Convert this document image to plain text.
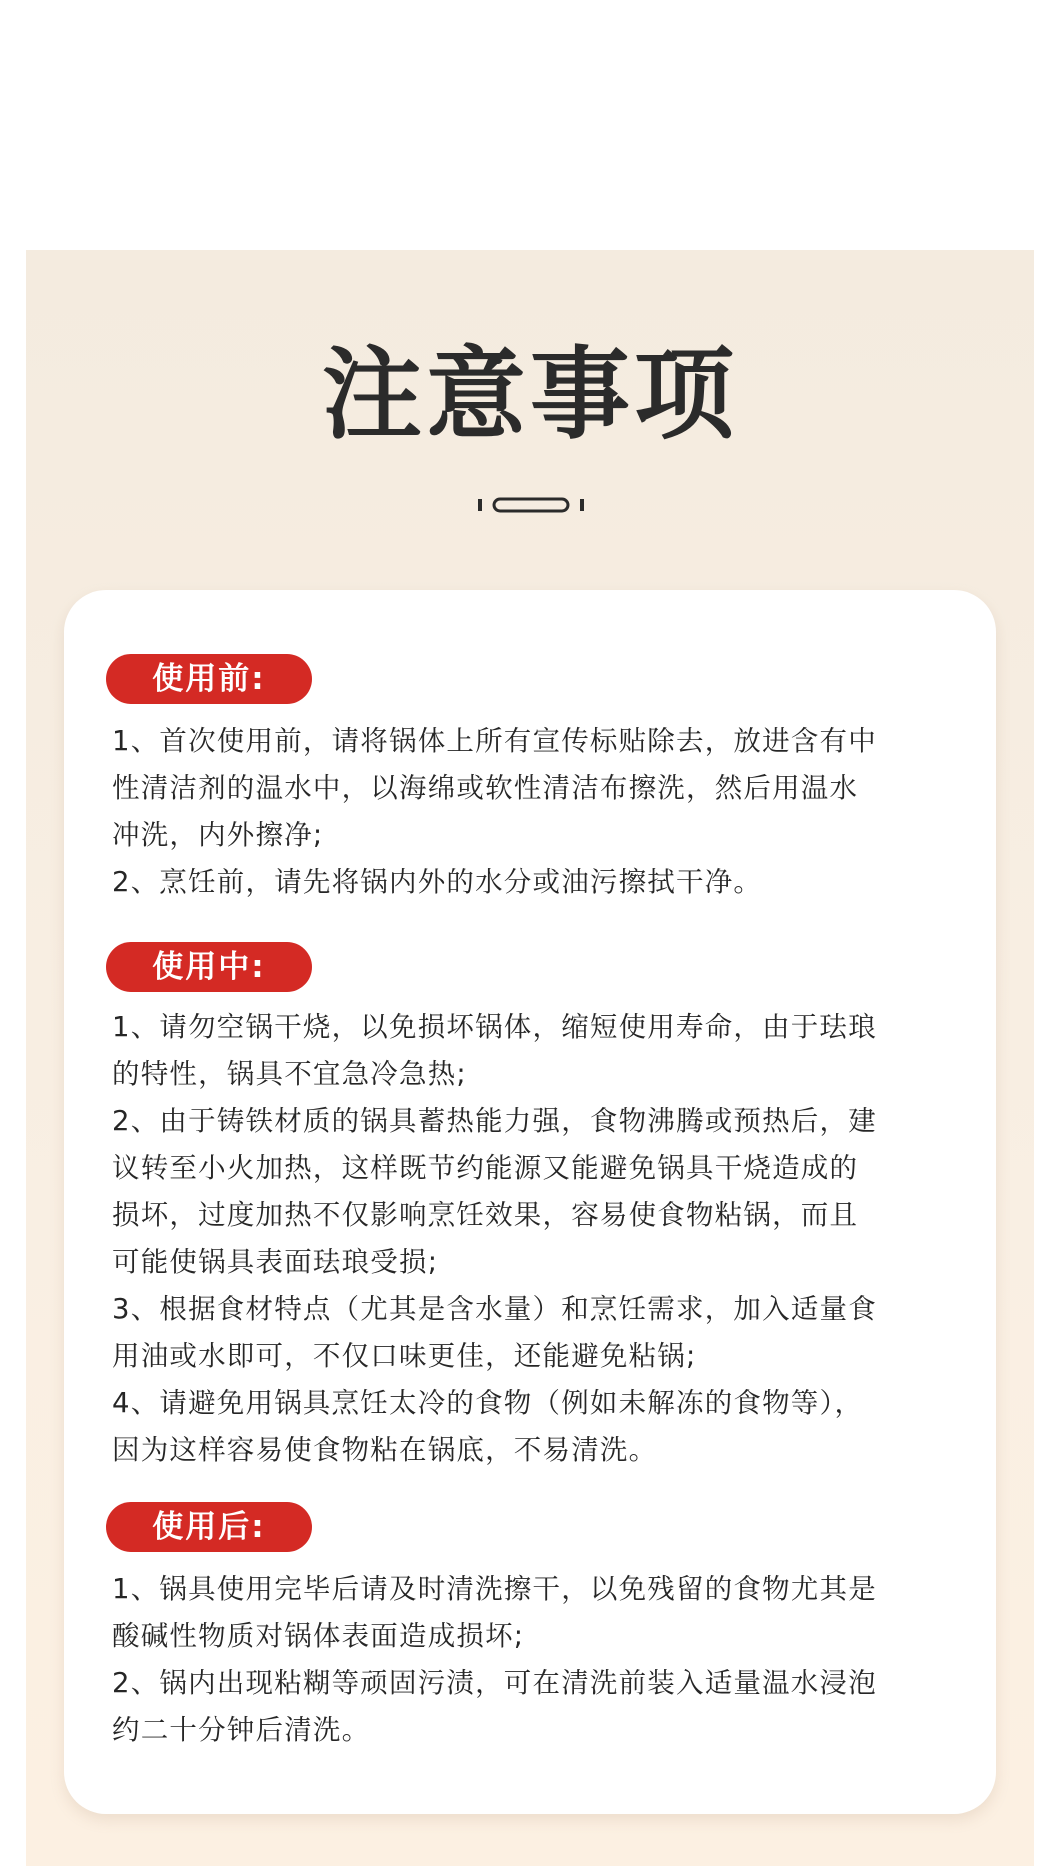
注意事项
使用前:
1、首次使用前，请将锅体上所有宣传标贴除去，放进含有中
性清洁剂的温水中，以海绵或软性清洁布擦洗，然后用温水
冲洗，内外擦净;
2、烹饪前，请先将锅内外的水分或油污擦拭干净。
使用中:
1、请勿空锅干烧，以免损坏锅体，缩短使用寿命，由于珐琅
的特性，锅具不宜急冷急热;
2、由于铸铁材质的锅具蓄热能力强，食物沸腾或预热后，建
议转至小火加热，这样既节约能源又能避免锅具干烧造成的
损坏，过度加热不仅影响烹饪效果，容易使食物粘锅，而且
可能使锅具表面珐琅受损;
3、根据食材特点（尤其是含水量）和烹饪需求，加入适量食
用油或水即可，不仅口味更佳，还能避免粘锅;
4、请避免用锅具烹饪太冷的食物（例如未解冻的食物等），
因为这样容易使食物粘在锅底，不易清洗。
使用后:
1、锅具使用完毕后请及时清洗擦干，以免残留的食物尤其是
酸碱性物质对锅体表面造成损坏;
2、锅内出现粘糊等顽固污渍，可在清洗前装入适量温水浸泡
约二十分钟后清洗。
